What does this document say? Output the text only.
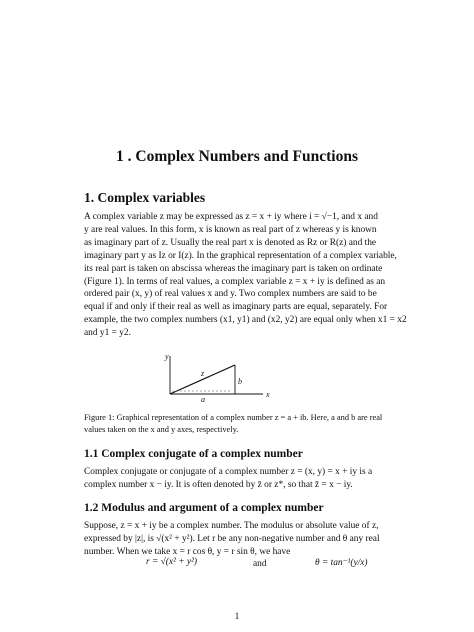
1 . Complex Numbers and Functions
1. Complex variables

A complex variable z may be expressed as z = x + iy where i = √−1, and x and
y are real values. In this form, x is known as real part of z whereas y is known
as imaginary part of z. Usually the real part x is denoted as Rz or R(z) and the
imaginary part y as Iz or I(z). In the graphical representation of a complex variable,
its real part is taken on abscissa whereas the imaginary part is taken on ordinate
(Figure 1). In terms of real values, a complex variable z = x + iy is defined as an
ordered pair (x, y) of real values x and y. Two complex numbers are said to be
equal if and only if their real as well as imaginary parts are equal, separately. For
example, the two complex numbers (x1, y1) and (x2, y2) are equal only when x1 = x2
and y1 = y2.

y
x
z
b
a

Figure 1: Graphical representation of a complex number z = a + ib. Here, a and b are real values taken on the x and y axes, respectively.

1.1 Complex conjugate of a complex number

Complex conjugate or conjugate of a complex number z = (x, y) = x + iy is a
complex number x − iy. It is often denoted by z̄ or z*, so that z̄ = x − iy.

1.2 Modulus and argument of a complex number

Suppose, z = x + iy be a complex number. The modulus or absolute value of z,
expressed by |z|, is √(x² + y²). Let r be any non-negative number and θ any real
number. When we take x = r cos θ, y = r sin θ, we have

r = √(x² + y²)	and	θ = tan⁻¹(y/x)
1
